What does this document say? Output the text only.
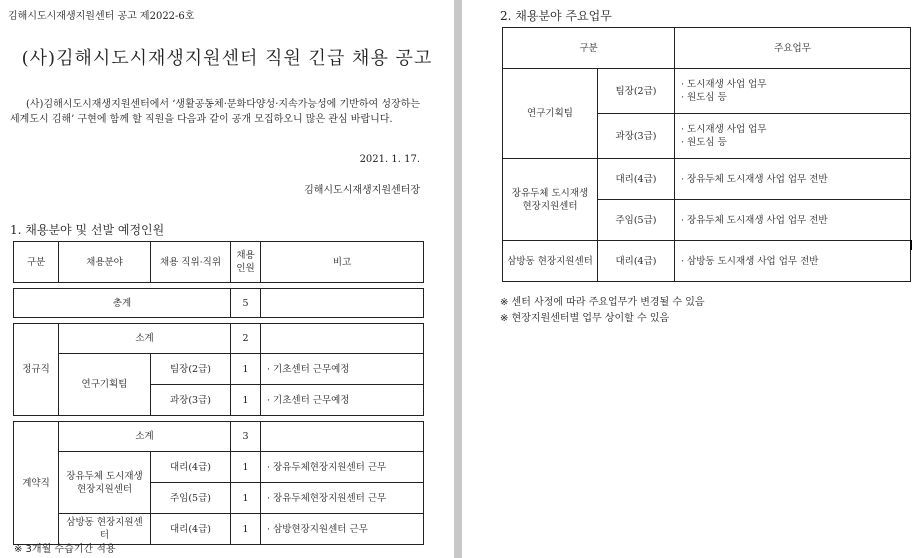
김해시도시재생지원센터 공고 제2022-6호
(사)김해시도시재생지원센터 직원 긴급 채용 공고
(사)김해시도시재생지원센터에서 ‘생활공동체·문화다양성·지속가능성에 기반하여 성장하는 세계도시 김해’ 구현에 함께 할 직원을 다음과 같이 공개 모집하오니 많은 관심 바랍니다.
2021. 1. 17.
김해시도시재생지원센터장
1. 채용분야 및 선발 예정인원
구분	채용분야	채용 직위·직위	채용 인원	비고

총계			5	

정규직	소계		2	
	연구기획팀	팀장(2급)	1	· 기초센터 근무예정
		과장(3급)	1	· 기초센터 근무예정

계약직	소계		3	
	장유두체 도시재생 현장지원센터	대리(4급)	1	· 장유두체현장지원센터 근무
		주임(5급)	1	· 장유두체현장지원센터 근무
	삼방동 현장지원센터	대리(4급)	1	· 삼방현장지원센터 근무
※ 3개월 수습기간 적용
2. 채용분야 주요업무
구분		주요업무
연구기획팀	팀장(2급)	· 도시재생 사업 업무
· 원도심 등

	과장(3급)	· 도시재생 사업 업무
· 원도심 등

장유두체 도시재생 현장지원센터	대리(4급)	· 장유두체 도시재생 사업 업무 전반
	주임(5급)	· 장유두체 도시재생 사업 업무 전반
삼방동 현장지원센터	대리(4급)	· 삼방동 도시재생 사업 업무 전반
※ 센터 사정에 따라 주요업무가 변경될 수 있음
※ 현장지원센터별 업무 상이할 수 있음
